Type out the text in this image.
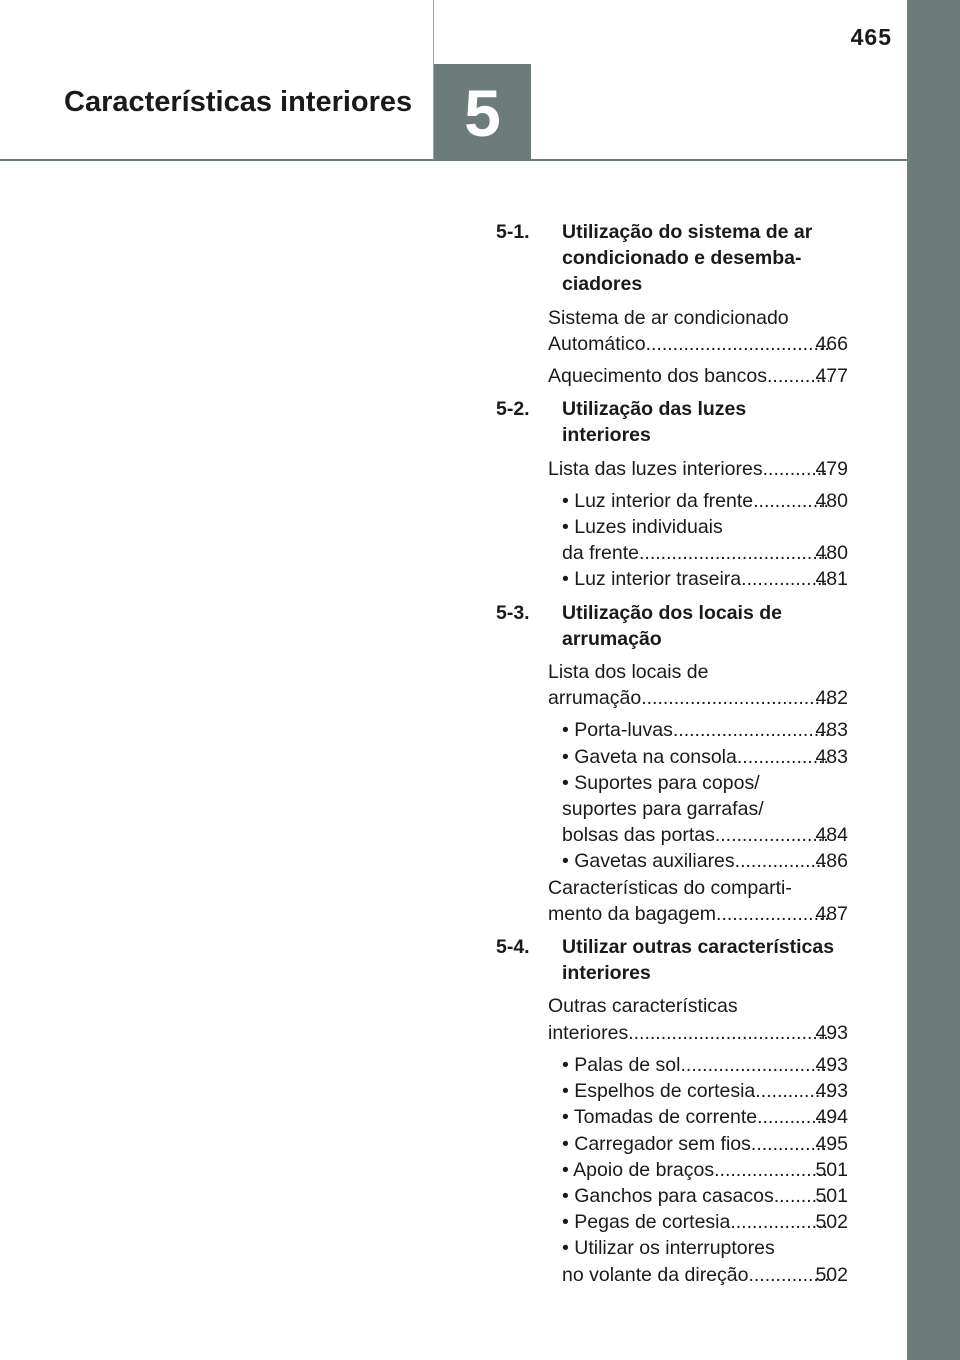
5
465
Características interiores
5-1. Utilização do sistema de ar
condicionado e desemba-
ciadores
Sistema de ar condicionado
Automático .....	466
Aquecimento dos bancos ..... 477
5-2. Utilização das luzes
interiores
Lista das luzes interiores .....	479
• Luz interior da frente .....	480
• Luzes individuais
da frente .....	480
• Luz interior traseira .....	481
5-3. Utilização dos locais de
arrumação
Lista dos locais de
arrumação .....	482
• Porta-luvas .....	483
• Gaveta na consola .....	483
• Suportes para copos/
suportes para garrafas/
bolsas das portas .....	484
• Gavetas auxiliares .....	486
Características do comparti-
mento da bagagem .....	487
5-4. Utilizar outras características
interiores
Outras características
interiores .....	493
• Palas de sol .....	493
• Espelhos de cortesia .....	493
• Tomadas de corrente .....	494
• Carregador sem fios .....	495
• Apoio de braços .....	501
• Ganchos para casacos ..... 501
• Pegas de cortesia .....	502
• Utilizar os interruptores
no volante da direção .....	502
